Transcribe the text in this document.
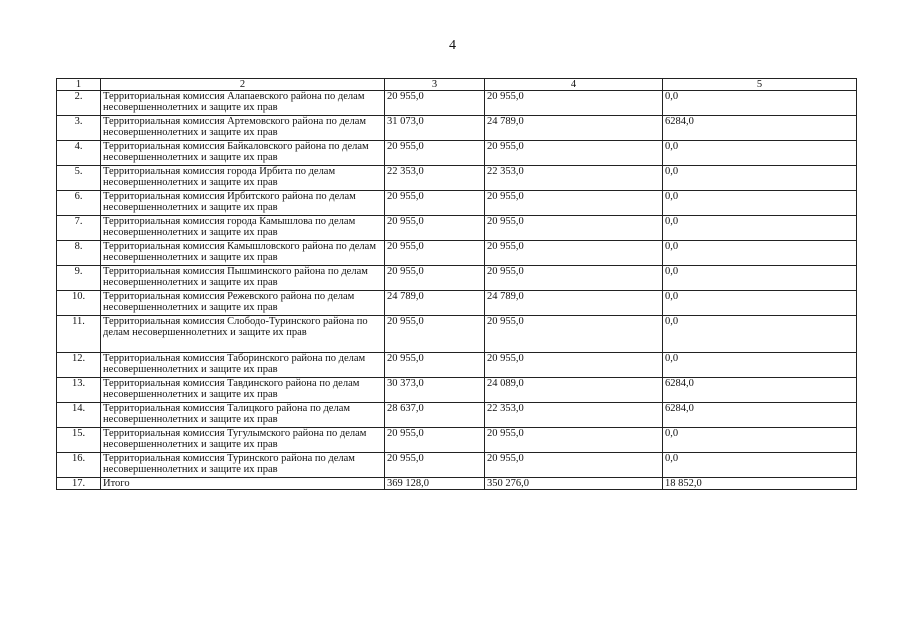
4
1	2	3	4	5
2.	Территориальная комиссия Алапаевского района по делам несовершеннолетних и защите их прав	20 955,0	20 955,0	0,0
3.	Территориальная комиссия Артемовского района по делам несовершеннолетних и защите их прав	31 073,0	24 789,0	6284,0
4.	Территориальная комиссия Байкаловского района по делам несовершеннолетних и защите их прав	20 955,0	20 955,0	0,0
5.	Территориальная комиссия города Ирбита по делам несовершеннолетних и защите их прав	22 353,0	22 353,0	0,0
6.	Территориальная комиссия Ирбитского района по делам несовершеннолетних и защите их прав	20 955,0	20 955,0	0,0
7.	Территориальная комиссия города Камышлова по делам несовершеннолетних и защите их прав	20 955,0	20 955,0	0,0
8.	Территориальная комиссия Камышловского района по делам несовершеннолетних и защите их прав	20 955,0	20 955,0	0,0
9.	Территориальная комиссия Пышминского района по делам несовершеннолетних и защите их прав	20 955,0	20 955,0	0,0
10.	Территориальная комиссия Режевского района по делам несовершеннолетних и защите их прав	24 789,0	24 789,0	0,0
11.	Территориальная комиссия Слободо-Туринского района по делам несовершеннолетних и защите их прав	20 955,0	20 955,0	0,0
12.	Территориальная комиссия Таборинского района по делам несовершеннолетних и защите их прав	20 955,0	20 955,0	0,0
13.	Территориальная комиссия Тавдинского района по делам несовершеннолетних и защите их прав	30 373,0	24 089,0	6284,0
14.	Территориальная комиссия Талицкого района по делам несовершеннолетних и защите их прав	28 637,0	22 353,0	6284,0
15.	Территориальная комиссия Тугулымского района по делам несовершеннолетних и защите их прав	20 955,0	20 955,0	0,0
16.	Территориальная комиссия Туринского района по делам несовершеннолетних и защите их прав	20 955,0	20 955,0	0,0
17.	Итого	369 128,0	350 276,0	18 852,0
